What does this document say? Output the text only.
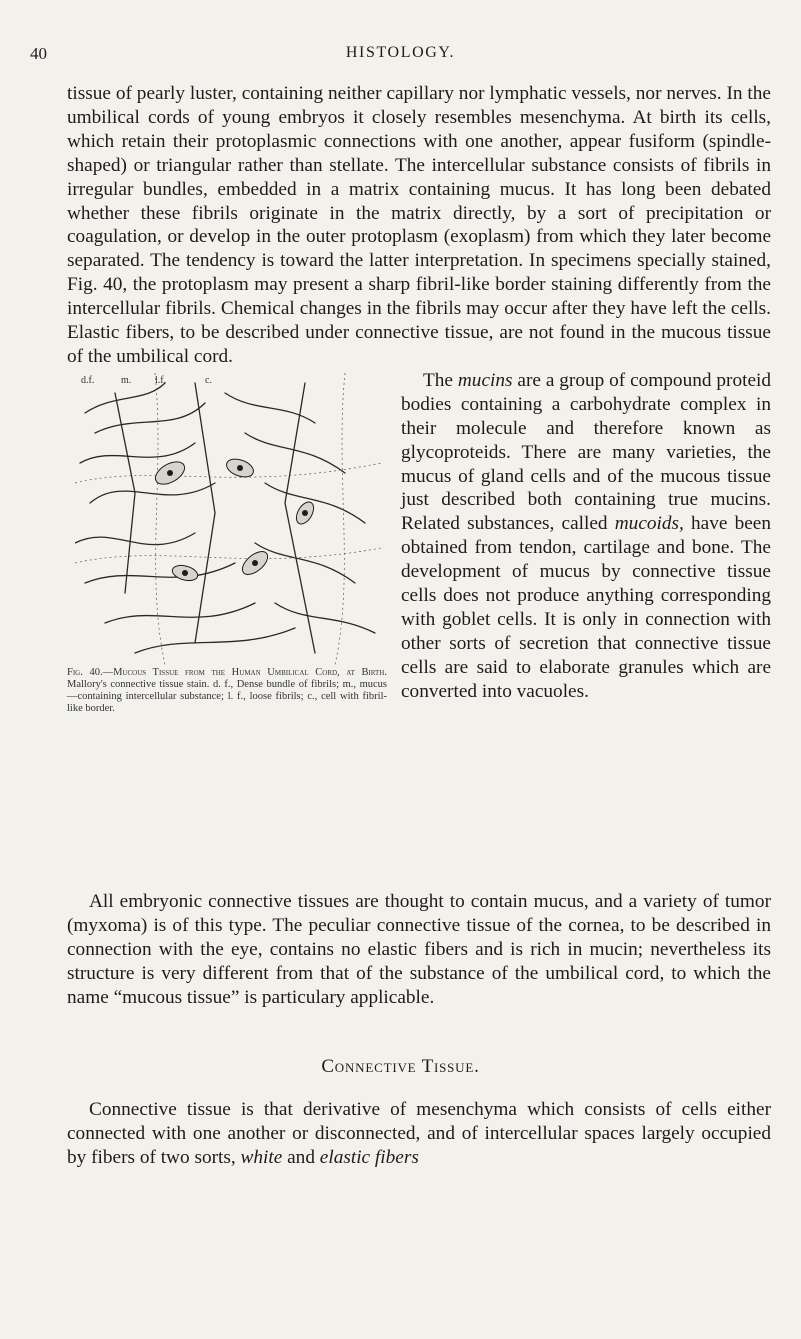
40	HISTOLOGY.

tissue of pearly luster, containing neither capillary nor lymphatic vessels, nor nerves. In the umbilical cords of young embryos it closely resembles mesenchyma. At birth its cells, which retain their protoplasmic connections with one another, appear fusiform (spindle-shaped) or triangular rather than stellate. The intercellular substance consists of fibrils in irregular bundles, embedded in a matrix containing mucus. It has long been debated whether these fibrils originate in the matrix directly, by a sort of precipitation or coagulation, or develop in the outer protoplasm (exoplasm) from which they later become separated. The tendency is toward the latter interpretation. In specimens specially stained, Fig. 40, the protoplasm may present a sharp fibril-like border staining differently from the intercellular fibrils. Chemical changes in the fibrils may occur after they have left the cells. Elastic fibers, to be described under connective tissue, are not found in the mucous tissue of the umbilical cord.

d.f.	m. l.f.	c.
Fig. 40.—Mucous Tissue from the Human Umbilical Cord, at Birth. Mallory's connective tissue stain. d. f., Dense bundle of fibrils; m., mucus—containing intercellular substance; l. f., loose fibrils; c., cell with fibril-like border.

The mucins are a group of compound proteid bodies containing a carbohydrate complex in their molecule and therefore known as glycoproteids. There are many varieties, the mucus of gland cells and of the mucous tissue just described both containing true mucins. Related substances, called mucoids, have been obtained from tendon, cartilage and bone. The development of mucus by connective tissue cells does not produce anything corresponding with goblet cells. It is only in connection with other sorts of secretion that connective tissue cells are said to elaborate granules which are converted into vacuoles.

All embryonic connective tissues are thought to contain mucus, and a variety of tumor (myxoma) is of this type. The peculiar connective tissue of the cornea, to be described in connection with the eye, contains no elastic fibers and is rich in mucin; nevertheless its structure is very different from that of the substance of the umbilical cord, to which the name “mucous tissue” is particulary applicable.

Connective Tissue.

Connective tissue is that derivative of mesenchyma which consists of cells either connected with one another or disconnected, and of intercellular spaces largely occupied by fibers of two sorts, white and elastic fibers
